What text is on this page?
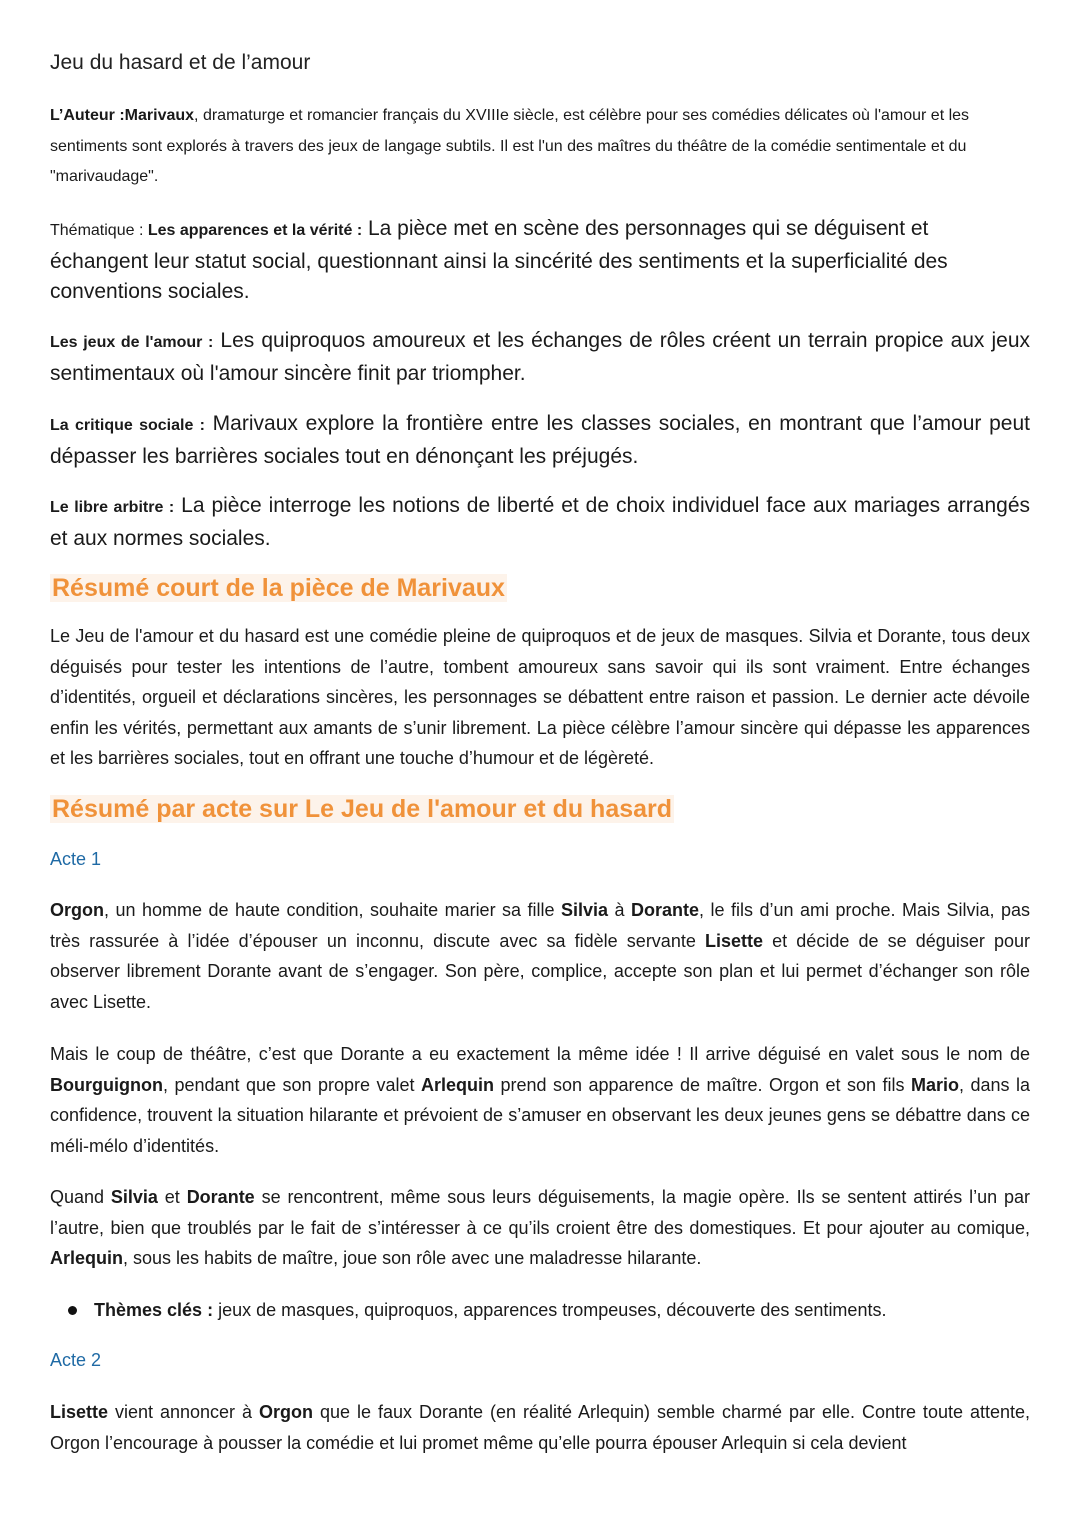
Jeu du hasard et de l’amour
L’Auteur :Marivaux, dramaturge et romancier français du XVIIIe siècle, est célèbre pour ses comédies délicates où l'amour et les sentiments sont explorés à travers des jeux de langage subtils. Il est l'un des maîtres du théâtre de la comédie sentimentale et du "marivaudage".
Thématique : Les apparences et la vérité : La pièce met en scène des personnages qui se déguisent et échangent leur statut social, questionnant ainsi la sincérité des sentiments et la superficialité des conventions sociales.
Les jeux de l'amour : Les quiproquos amoureux et les échanges de rôles créent un terrain propice aux jeux sentimentaux où l'amour sincère finit par triompher.
La critique sociale : Marivaux explore la frontière entre les classes sociales, en montrant que l’amour peut dépasser les barrières sociales tout en dénonçant les préjugés.
Le libre arbitre : La pièce interroge les notions de liberté et de choix individuel face aux mariages arrangés et aux normes sociales.
Résumé court de la pièce de Marivaux
Le Jeu de l'amour et du hasard est une comédie pleine de quiproquos et de jeux de masques. Silvia et Dorante, tous deux déguisés pour tester les intentions de l’autre, tombent amoureux sans savoir qui ils sont vraiment. Entre échanges d’identités, orgueil et déclarations sincères, les personnages se débattent entre raison et passion. Le dernier acte dévoile enfin les vérités, permettant aux amants de s’unir librement. La pièce célèbre l’amour sincère qui dépasse les apparences et les barrières sociales, tout en offrant une touche d’humour et de légèreté.
Résumé par acte sur Le Jeu de l'amour et du hasard
Acte 1
Orgon, un homme de haute condition, souhaite marier sa fille Silvia à Dorante, le fils d’un ami proche. Mais Silvia, pas très rassurée à l’idée d’épouser un inconnu, discute avec sa fidèle servante Lisette et décide de se déguiser pour observer librement Dorante avant de s’engager. Son père, complice, accepte son plan et lui permet d’échanger son rôle avec Lisette.
Mais le coup de théâtre, c’est que Dorante a eu exactement la même idée ! Il arrive déguisé en valet sous le nom de Bourguignon, pendant que son propre valet Arlequin prend son apparence de maître. Orgon et son fils Mario, dans la confidence, trouvent la situation hilarante et prévoient de s’amuser en observant les deux jeunes gens se débattre dans ce méli-mélo d’identités.
Quand Silvia et Dorante se rencontrent, même sous leurs déguisements, la magie opère. Ils se sentent attirés l’un par l’autre, bien que troublés par le fait de s’intéresser à ce qu’ils croient être des domestiques. Et pour ajouter au comique, Arlequin, sous les habits de maître, joue son rôle avec une maladresse hilarante.
Thèmes clés : jeux de masques, quiproquos, apparences trompeuses, découverte des sentiments.
Acte 2
Lisette vient annoncer à Orgon que le faux Dorante (en réalité Arlequin) semble charmé par elle. Contre toute attente, Orgon l’encourage à pousser la comédie et lui promet même qu’elle pourra épouser Arlequin si cela devient
